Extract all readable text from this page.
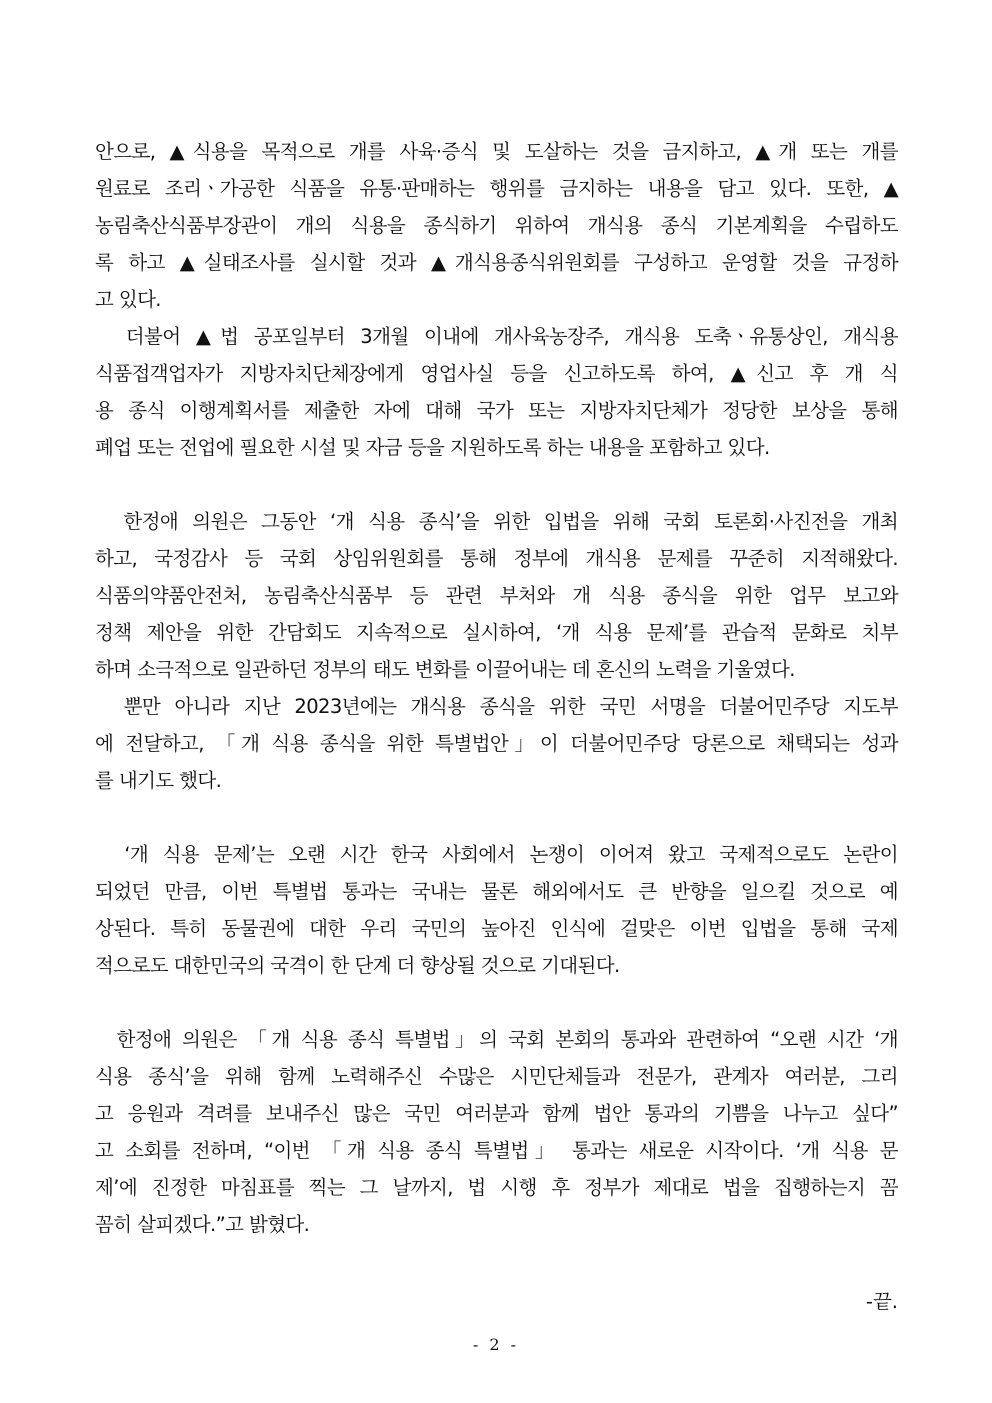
안으로, ▲식용을 목적으로 개를 사육·증식 및 도살하는 것을 금지하고, ▲개 또는 개를
원료로 조리ㆍ가공한 식품을 유통·판매하는 행위를 금지하는 내용을 담고 있다. 또한, ▲
농림축산식품부장관이 개의 식용을 종식하기 위하여 개식용 종식 기본계획을 수립하도
록 하고 ▲실태조사를 실시할 것과 ▲개식용종식위원회를 구성하고 운영할 것을 규정하
고 있다.
더불어 ▲법 공포일부터 3개월 이내에 개사육농장주, 개식용 도축ㆍ유통상인, 개식용
식품접객업자가 지방자치단체장에게 영업사실 등을 신고하도록 하여, ▲신고 후 개 식
용 종식 이행계획서를 제출한 자에 대해 국가 또는 지방자치단체가 정당한 보상을 통해
폐업 또는 전업에 필요한 시설 및 자금 등을 지원하도록 하는 내용을 포함하고 있다.
한정애 의원은 그동안 ‘개 식용 종식’을 위한 입법을 위해 국회 토론회·사진전을 개최
하고, 국정감사 등 국회 상임위원회를 통해 정부에 개식용 문제를 꾸준히 지적해왔다.
식품의약품안전처, 농림축산식품부 등 관련 부처와 개 식용 종식을 위한 업무 보고와
정책 제안을 위한 간담회도 지속적으로 실시하여, ‘개 식용 문제’를 관습적 문화로 치부
하며 소극적으로 일관하던 정부의 태도 변화를 이끌어내는 데 혼신의 노력을 기울였다.
뿐만 아니라 지난 2023년에는 개식용 종식을 위한 국민 서명을 더불어민주당 지도부
에 전달하고, 「개 식용 종식을 위한 특별법안」이 더불어민주당 당론으로 채택되는 성과
를 내기도 했다.
‘개 식용 문제’는 오랜 시간 한국 사회에서 논쟁이 이어져 왔고 국제적으로도 논란이
되었던 만큼, 이번 특별법 통과는 국내는 물론 해외에서도 큰 반향을 일으킬 것으로 예
상된다. 특히 동물권에 대한 우리 국민의 높아진 인식에 걸맞은 이번 입법을 통해 국제
적으로도 대한민국의 국격이 한 단계 더 향상될 것으로 기대된다.
한정애 의원은 「개 식용 종식 특별법」의 국회 본회의 통과와 관련하여 “오랜 시간 ‘개
식용 종식’을 위해 함께 노력해주신 수많은 시민단체들과 전문가, 관계자 여러분, 그리
고 응원과 격려를 보내주신 많은 국민 여러분과 함께 법안 통과의 기쁨을 나누고 싶다”
고 소회를 전하며, “이번 「개 식용 종식 특별법」 통과는 새로운 시작이다. ‘개 식용 문
제’에 진정한 마침표를 찍는 그 날까지, 법 시행 후 정부가 제대로 법을 집행하는지 꼼
꼼히 살피겠다.”고 밝혔다.
-끝.
- 2 -
